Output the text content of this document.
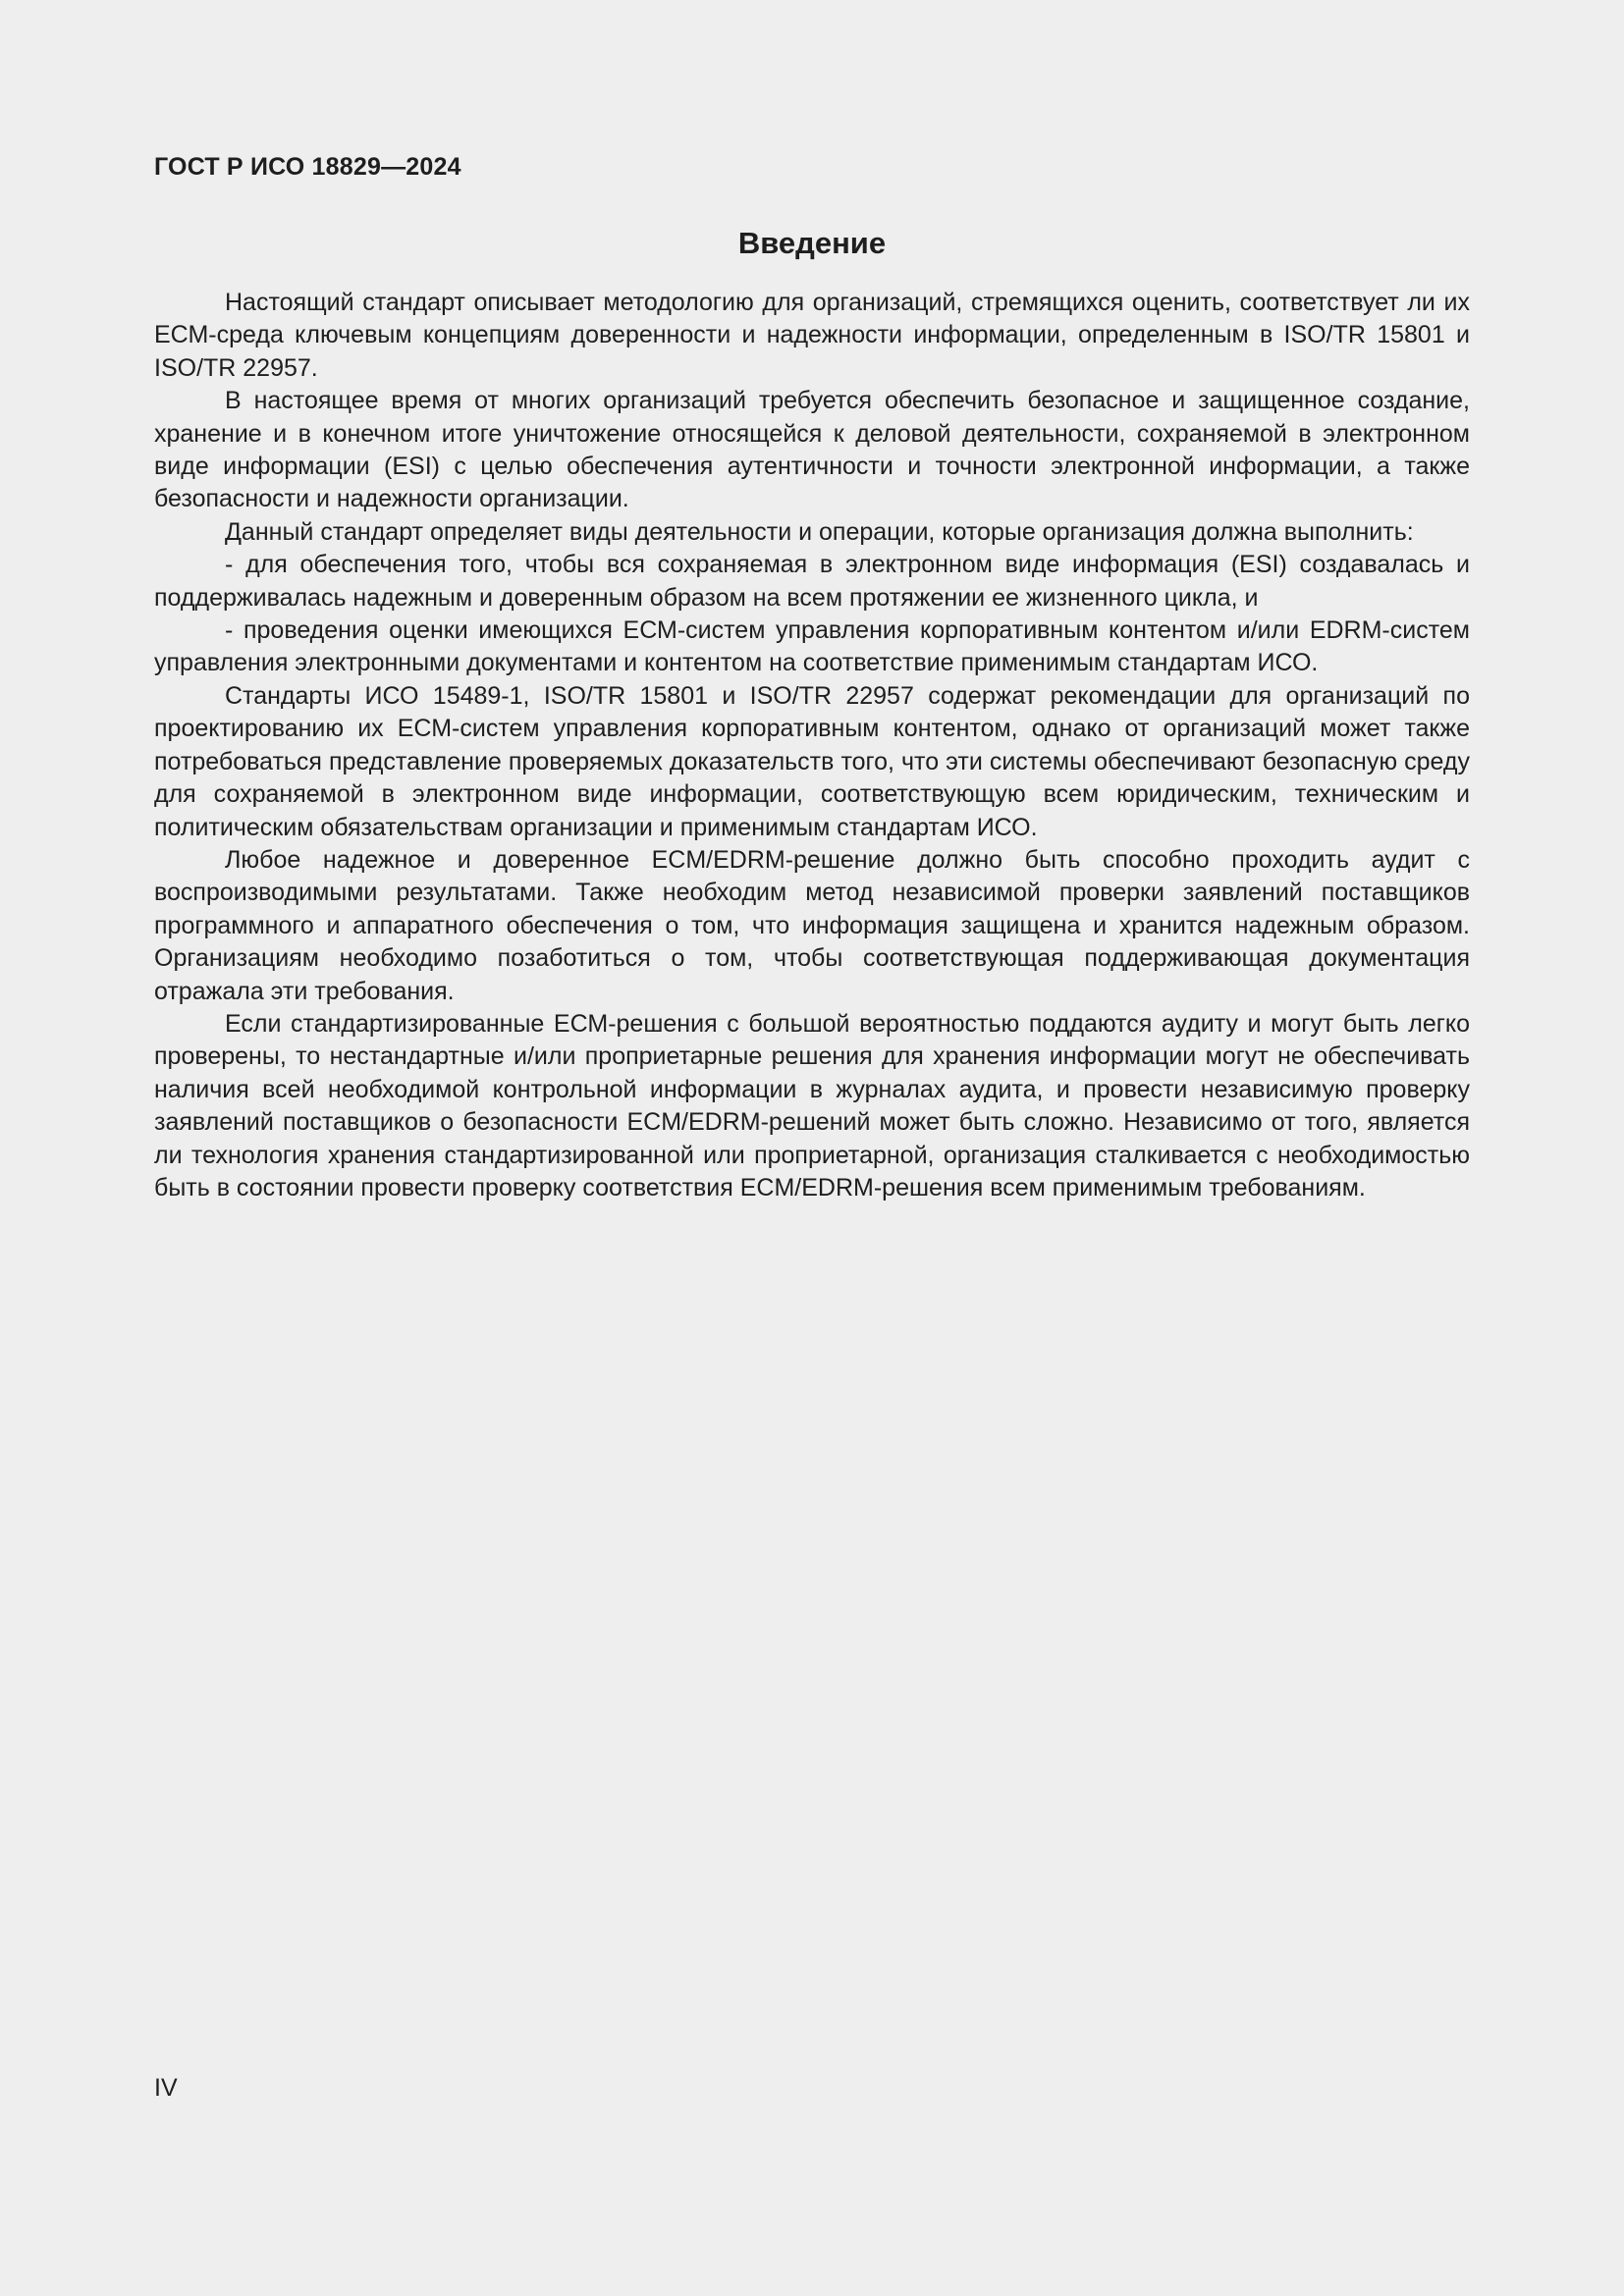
ГОСТ Р ИСО 18829—2024

Введение

Настоящий стандарт описывает методологию для организаций, стремящихся оценить, соответствует ли их ЕСМ-среда ключевым концепциям доверенности и надежности информации, определенным в ISO/TR 15801 и ISO/TR 22957.

В настоящее время от многих организаций требуется обеспечить безопасное и защищенное создание, хранение и в конечном итоге уничтожение относящейся к деловой деятельности, сохраняемой в электронном виде информации (ESI) с целью обеспечения аутентичности и точности электронной информации, а также безопасности и надежности организации.

Данный стандарт определяет виды деятельности и операции, которые организация должна выполнить:

- для обеспечения того, чтобы вся сохраняемая в электронном виде информация (ESI) создавалась и поддерживалась надежным и доверенным образом на всем протяжении ее жизненного цикла, и

- проведения оценки имеющихся ЕСМ-систем управления корпоративным контентом и/или EDRM-систем управления электронными документами и контентом на соответствие применимым стандартам ИСО.

Стандарты ИСО 15489-1, ISO/TR 15801 и ISO/TR 22957 содержат рекомендации для организаций по проектированию их ЕСМ-систем управления корпоративным контентом, однако от организаций может также потребоваться представление проверяемых доказательств того, что эти системы обеспечивают безопасную среду для сохраняемой в электронном виде информации, соответствующую всем юридическим, техническим и политическим обязательствам организации и применимым стандартам ИСО.

Любое надежное и доверенное ECM/EDRM-решение должно быть способно проходить аудит с воспроизводимыми результатами. Также необходим метод независимой проверки заявлений поставщиков программного и аппаратного обеспечения о том, что информация защищена и хранится надежным образом. Организациям необходимо позаботиться о том, чтобы соответствующая поддерживающая документация отражала эти требования.

Если стандартизированные ЕСМ-решения с большой вероятностью поддаются аудиту и могут быть легко проверены, то нестандартные и/или проприетарные решения для хранения информации могут не обеспечивать наличия всей необходимой контрольной информации в журналах аудита, и провести независимую проверку заявлений поставщиков о безопасности ECM/EDRM-решений может быть сложно. Независимо от того, является ли технология хранения стандартизированной или проприетарной, организация сталкивается с необходимостью быть в состоянии провести проверку соответствия ECM/EDRM-решения всем применимым требованиям.

IV
